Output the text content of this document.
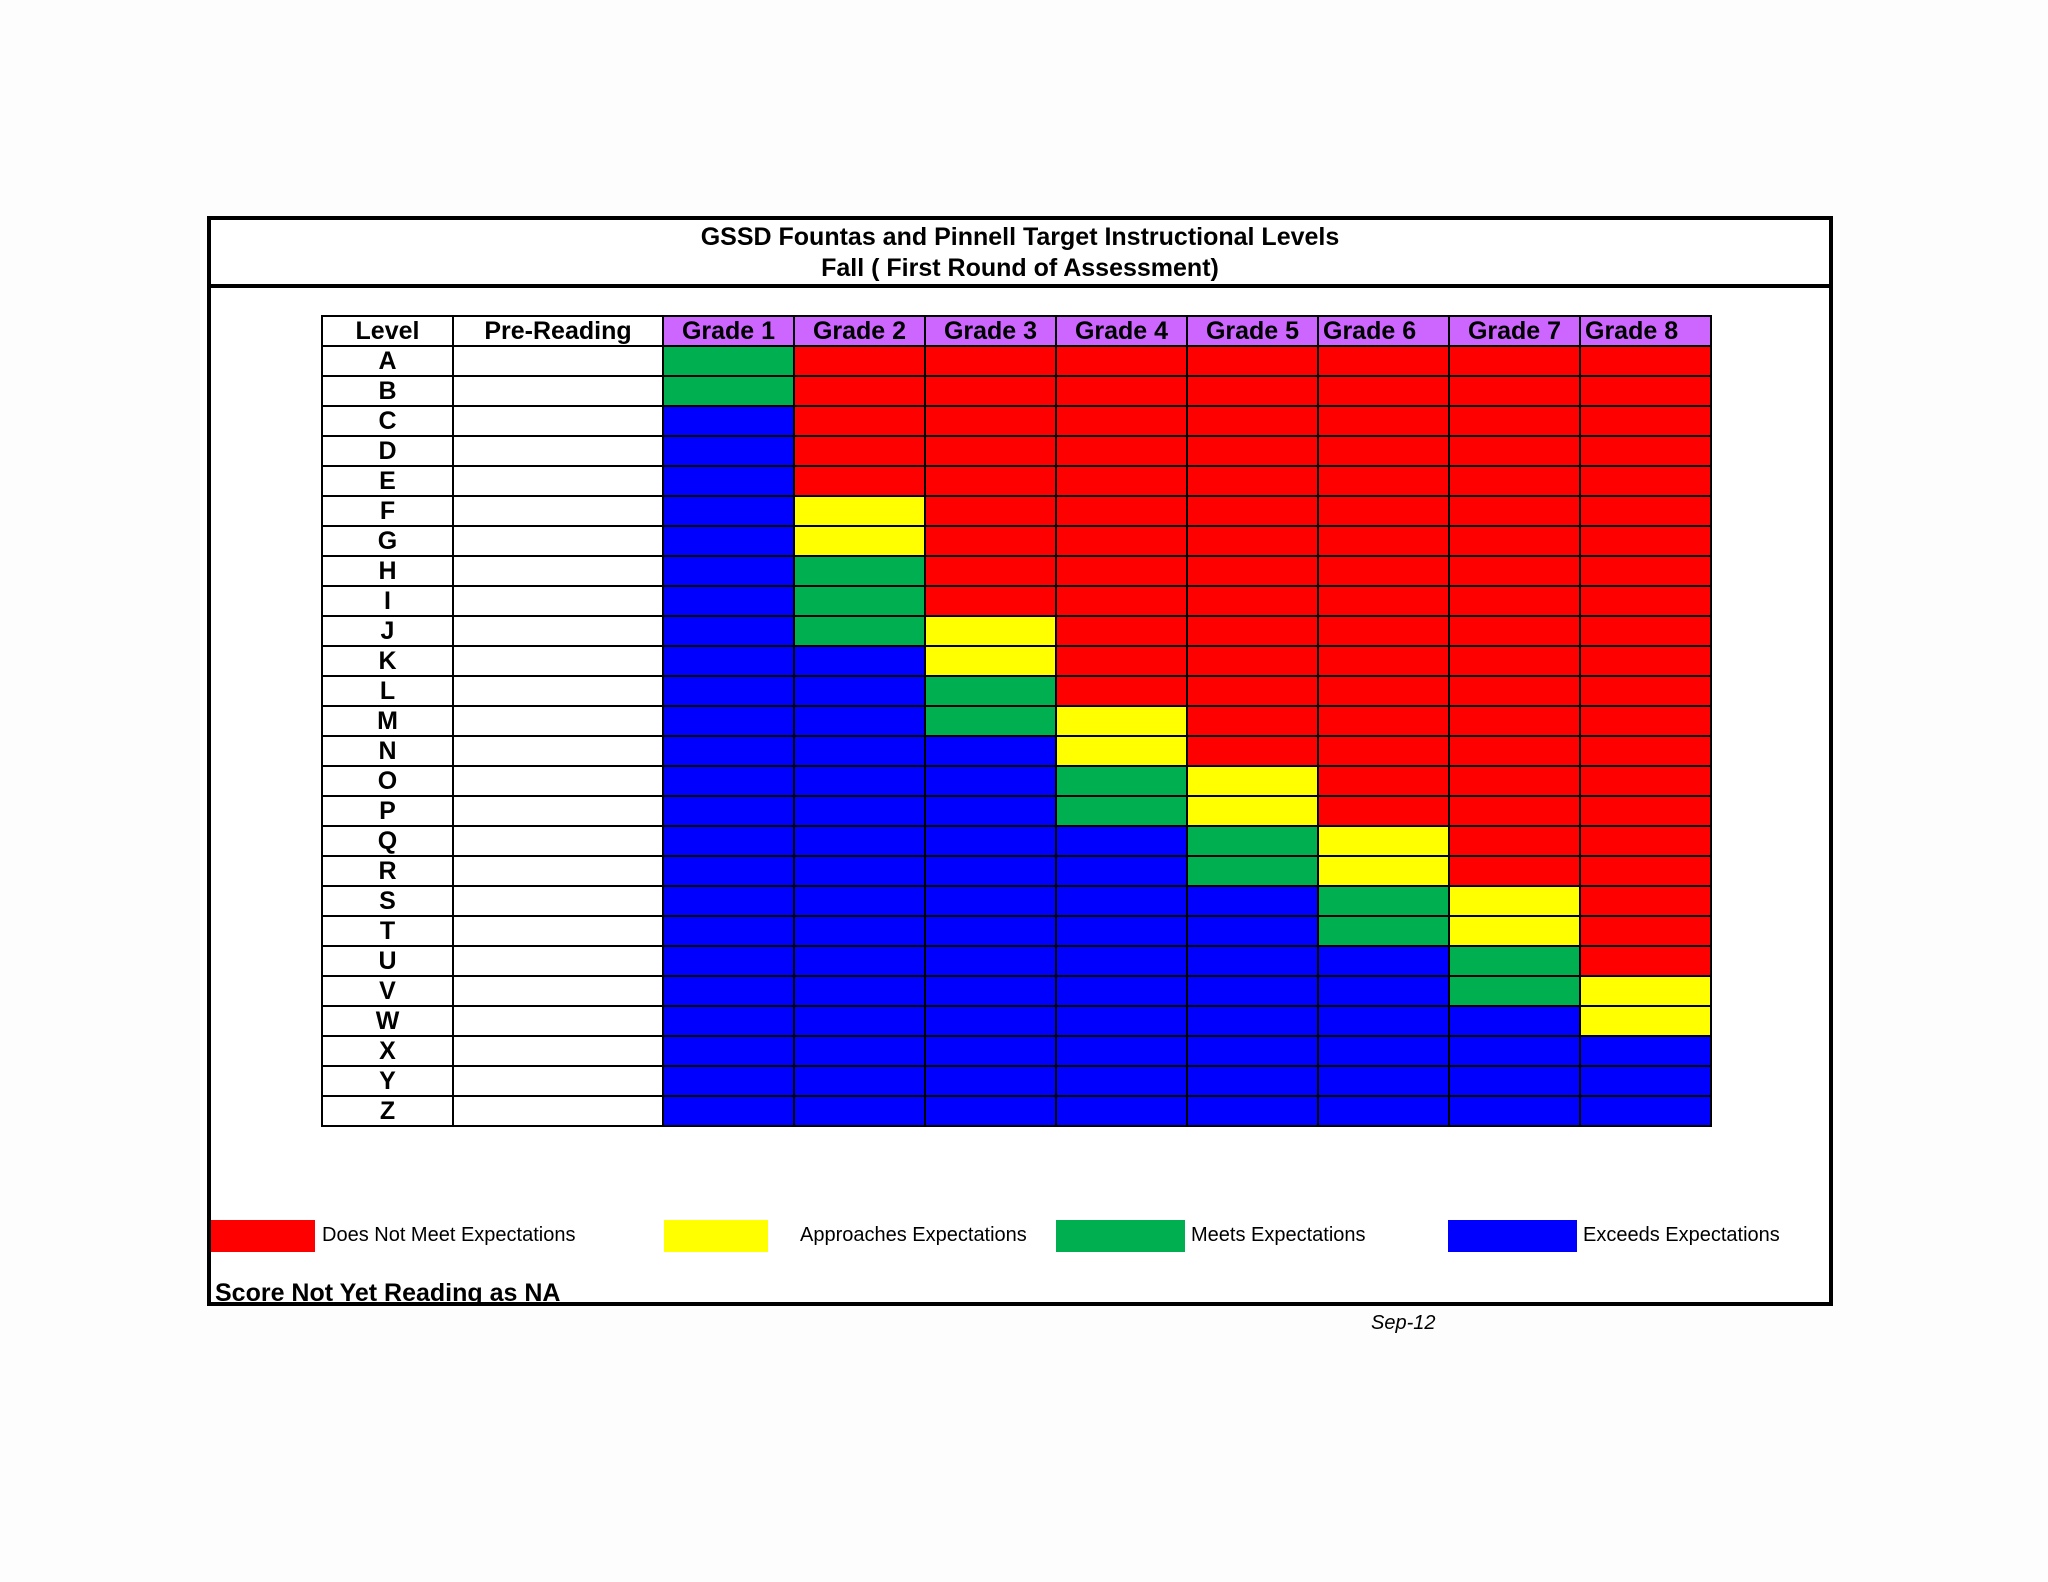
GSSD Fountas and Pinnell Target Instructional Levels
Fall ( First Round of Assessment)
Level	Pre-Reading	Grade 1	Grade 2	Grade 3	Grade 4	Grade 5	Grade 6	Grade 7	Grade 8
A									
B									
C									
D									
E									
F									
G									
H									
I									
J									
K									
L									
M									
N									
O									
P									
Q									
R									
S									
T									
U									
V									
W									
X									
Y									
Z									
Does Not Meet Expectations	Approaches Expectations	Meets Expectations	Exceeds Expectations
Score Not Yet Reading as NA
Sep-12
